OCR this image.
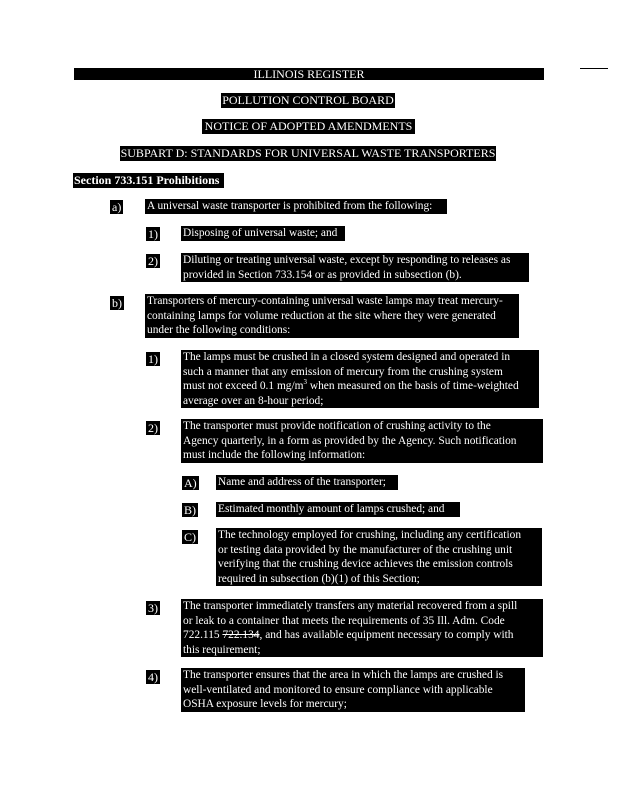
ILLINOIS REGISTER
POLLUTION CONTROL BOARD
NOTICE OF ADOPTED AMENDMENTS
SUBPART D: STANDARDS FOR UNIVERSAL WASTE TRANSPORTERS
Section 733.151 Prohibitions
a) A universal waste transporter is prohibited from the following:
1) Disposing of universal waste; and
2) Diluting or treating universal waste, except by responding to releases as
provided in Section 733.154 or as provided in subsection (b).
b) Transporters of mercury-containing universal waste lamps may treat mercury-
containing lamps for volume reduction at the site where they were generated
under the following conditions:
1) The lamps must be crushed in a closed system designed and operated in
such a manner that any emission of mercury from the crushing system
must not exceed 0.1 $mg/m^3$ when measured on the basis of time-weighted
average over an 8-hour period;
2) The transporter must provide notification of crushing activity to the
Agency quarterly, in a form as provided by the Agency. Such notification
must include the following information:
A) Name and address of the transporter;
B) Estimated monthly amount of lamps crushed; and
C) The technology employed for crushing, including any certification
or testing data provided by the manufacturer of the crushing unit
verifying that the crushing device achieves the emission controls
required in subsection (b)(1) of this Section;
3) The transporter immediately transfers any material recovered from a spill
or leak to a container that meets the requirements of 35 Ill. Adm. Code
722.115 722.134, and has available equipment necessary to comply with
this requirement;
4) The transporter ensures that the area in which the lamps are crushed is
well-ventilated and monitored to ensure compliance with applicable
OSHA exposure levels for mercury;
